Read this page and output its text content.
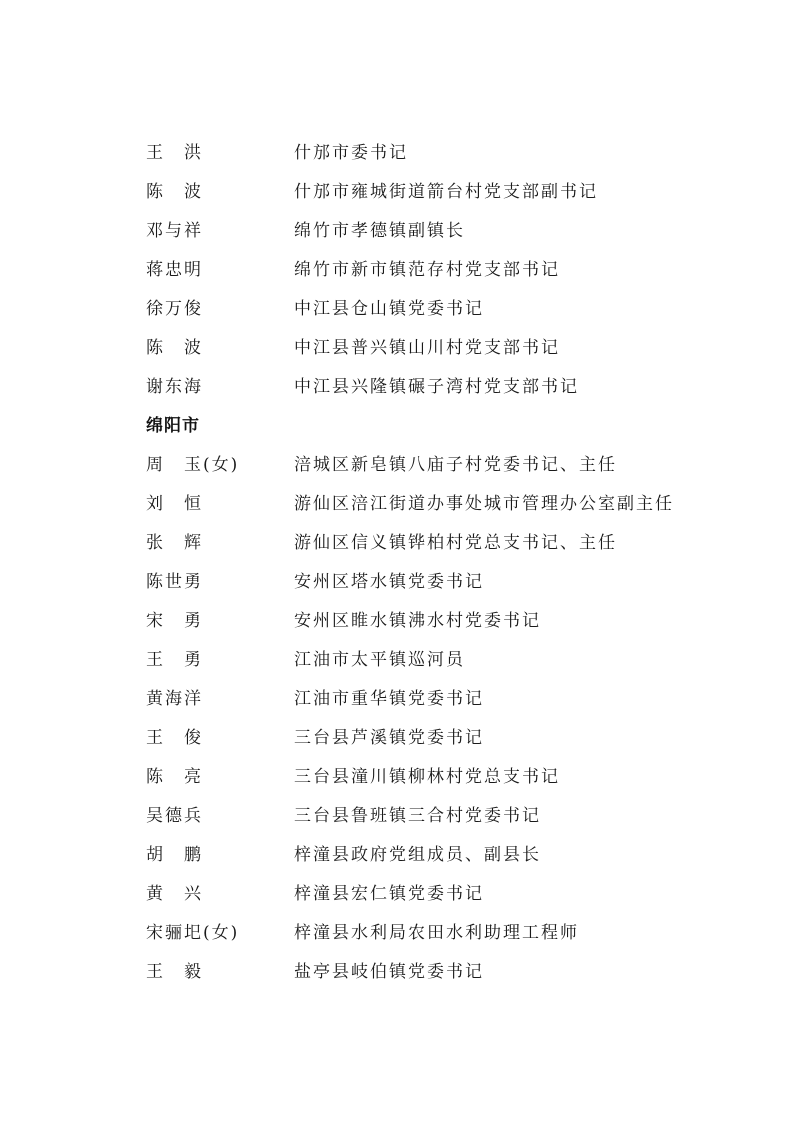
王　洪	什邡市委书记
陈　波	什邡市雍城街道箭台村党支部副书记
邓与祥	绵竹市孝德镇副镇长
蒋忠明	绵竹市新市镇范存村党支部书记
徐万俊	中江县仓山镇党委书记
陈　波	中江县普兴镇山川村党支部书记
谢东海	中江县兴隆镇碾子湾村党支部书记
绵阳市
周　玉(女)	涪城区新皂镇八庙子村党委书记、主任
刘　恒	游仙区涪江街道办事处城市管理办公室副主任
张　辉	游仙区信义镇铧柏村党总支书记、主任
陈世勇	安州区塔水镇党委书记
宋　勇	安州区睢水镇沸水村党委书记
王　勇	江油市太平镇巡河员
黄海洋	江油市重华镇党委书记
王　俊	三台县芦溪镇党委书记
陈　亮	三台县潼川镇柳林村党总支书记
吴德兵	三台县鲁班镇三合村党委书记
胡　鹏	梓潼县政府党组成员、副县长
黄　兴	梓潼县宏仁镇党委书记
宋骊圯(女)	梓潼县水利局农田水利助理工程师
王　毅	盐亭县岐伯镇党委书记
